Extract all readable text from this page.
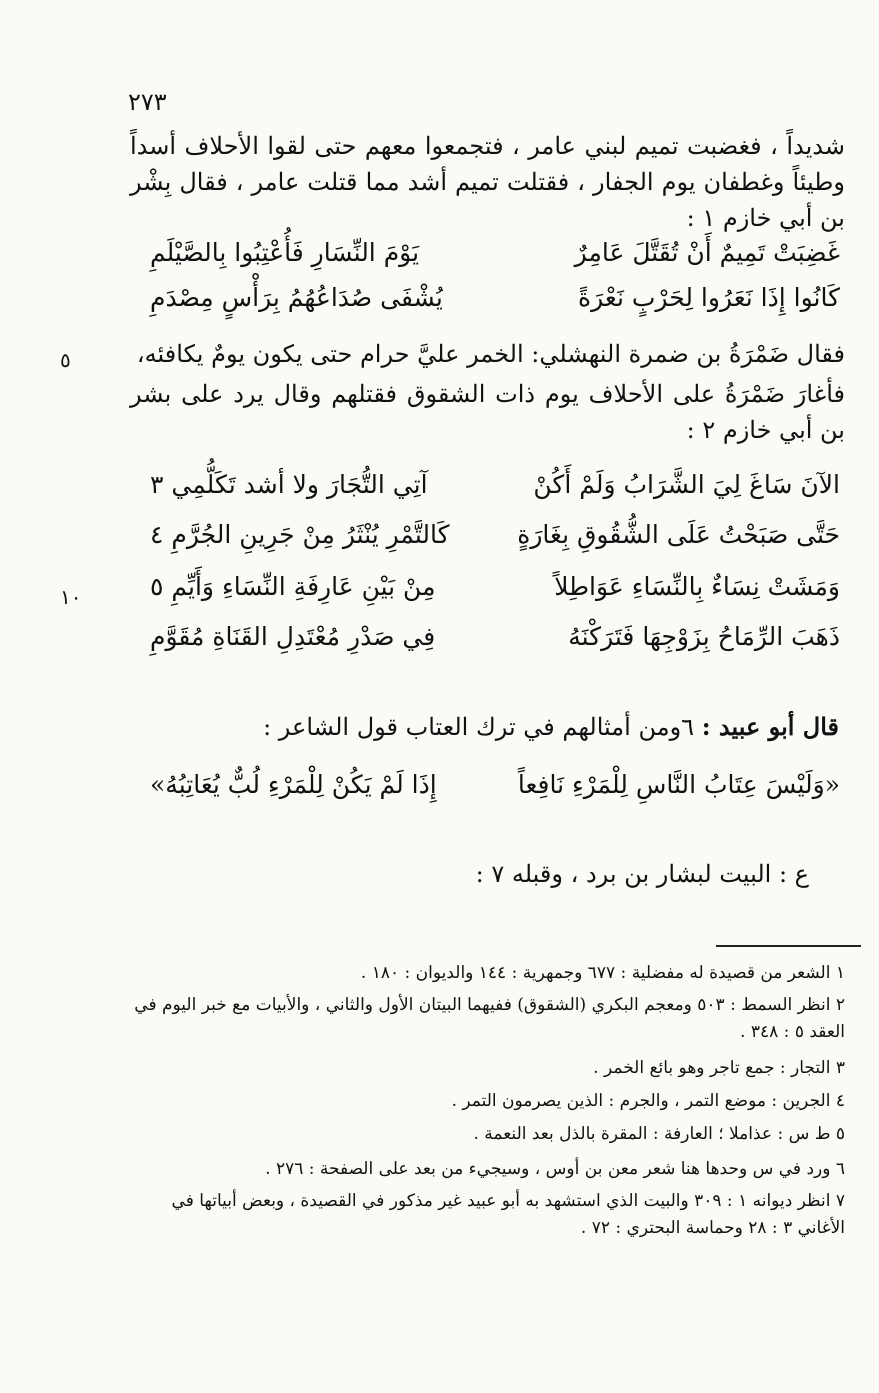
٢٧٣
شديداً ، فغضبت تميم لبني عامر ، فتجمعوا معهم حتى لقوا الأحلاف أسداً وطيئاً وغطفان يوم الجفار ، فقتلت تميم أشد مما قتلت عامر ، فقال بِشْر بن أبي خازم ١ :
غَضِبَتْ تَمِيمٌ أَنْ تُقَتَّلَ عَامِرٌ
يَوْمَ النِّسَارِ فَأُعْتِبُوا بِالصَّيْلَمِ
كَانُوا إِذَا نَعَرُوا لِحَرْبٍ نَعْرَةً
يُشْفَى صُدَاعُهُمُ بِرَأْسٍ مِصْدَمِ
فقال ضَمْرَةُ بن ضمرة النهشلي: الخمر عليَّ حرام حتى يكون يومٌ يكافئه،
٥
فأغارَ ضَمْرَةُ على الأحلاف يوم ذات الشقوق فقتلهم وقال يرد على بشر بن أبي خازم ٢ :
الآنَ سَاغَ لِيَ الشَّرَابُ وَلَمْ أَكُنْ
آتِي التُّجَارَ ولا أشد تَكَلُّمِي ٣
حَتَّى صَبَحْتُ عَلَى الشُّقُوقِ بِغَارَةٍ
كَالتَّمْرِ يُنْثَرُ مِنْ جَرِينِ الجُرَّمِ ٤
وَمَشَتْ نِسَاءٌ بِالنِّسَاءِ عَوَاطِلاً
مِنْ بَيْنِ عَارِفَةِ النِّسَاءِ وَأَيِّمِ ٥
١٠
ذَهَبَ الرِّمَاحُ بِزَوْجِهَا فَتَرَكْنَهُ
فِي صَدْرِ مُعْتَدِلِ القَنَاةِ مُقَوَّمِ
قال أبو عبيد : ٦ومن أمثالهم في ترك العتاب قول الشاعر :
«وَلَيْسَ عِتَابُ النَّاسِ لِلْمَرْءِ نَافِعاً
إِذَا لَمْ يَكُنْ لِلْمَرْءِ لُبٌّ يُعَاتِبُهُ»
ع : البيت لبشار بن برد ، وقبله ٧ :
١ الشعر من قصيدة له مفضلية : ٦٧٧ وجمهرية : ١٤٤ والديوان : ١٨٠ .
٢ انظر السمط : ٥٠٣ ومعجم البكري (الشقوق) ففيهما البيتان الأول والثاني ، والأبيات مع خبر اليوم في العقد ٥ : ٣٤٨ .
٣ التجار : جمع تاجر وهو بائع الخمر .
٤ الجرين : موضع التمر ، والجرم : الذين يصرمون التمر .
٥ ط س : عذاملا ؛ العارفة : المقرة بالذل بعد النعمة .
٦ ورد في س وحدها هنا شعر معن بن أوس ، وسيجيء من بعد على الصفحة : ٢٧٦ .
٧ انظر ديوانه ١ : ٣٠٩ والبيت الذي استشهد به أبو عبيد غير مذكور في القصيدة ، وبعض أبياتها في الأغاني ٣ : ٢٨ وحماسة البحتري : ٧٢ .
